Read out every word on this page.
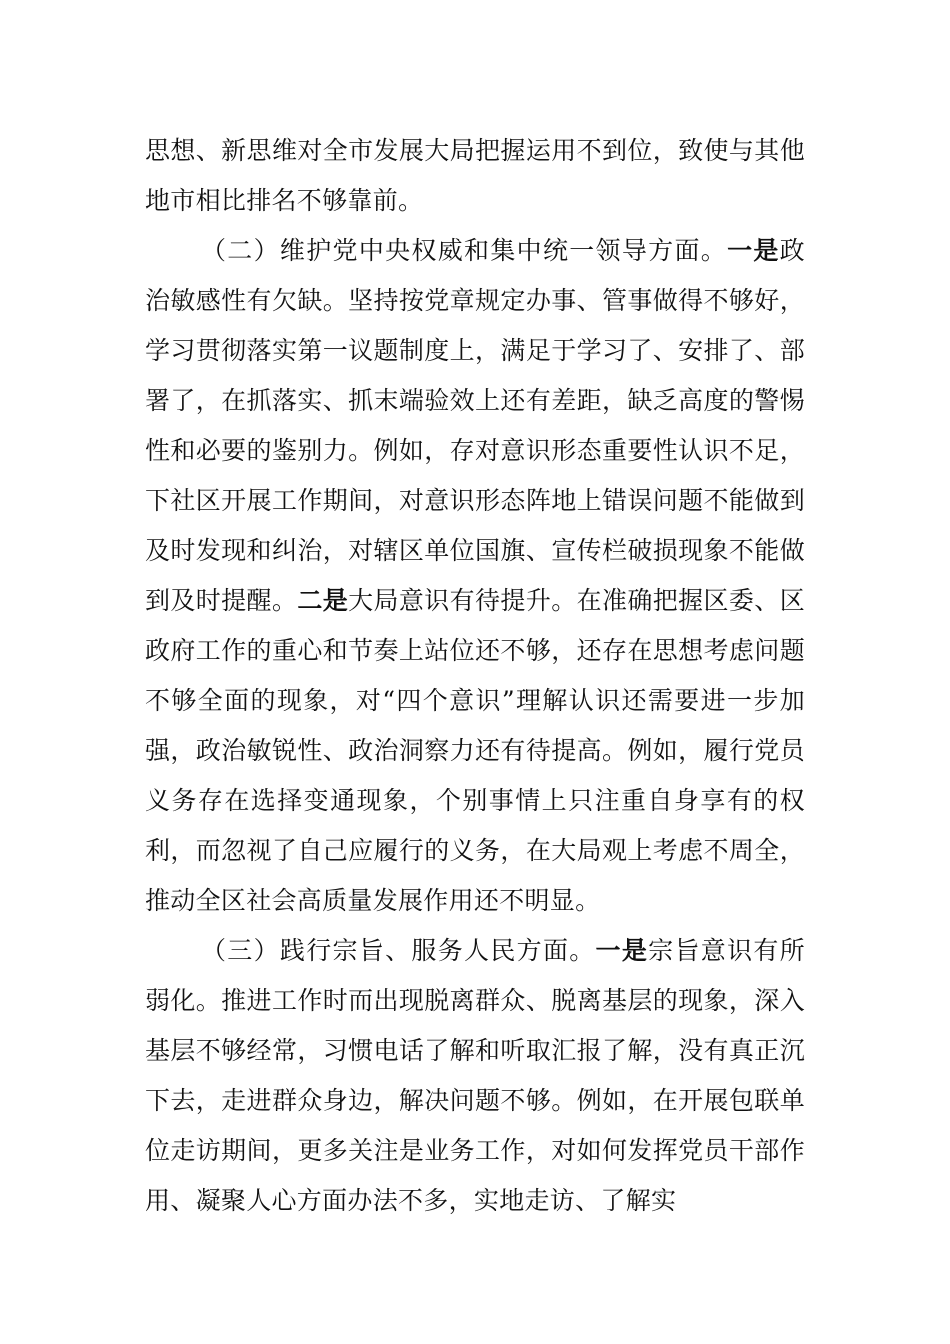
思想、新思维对全市发展大局把握运用不到位，致使与其他地市相比排名不够靠前。

（二）维护党中央权威和集中统一领导方面。一是政治敏感性有欠缺。坚持按党章规定办事、管事做得不够好，学习贯彻落实第一议题制度上，满足于学习了、安排了、部署了，在抓落实、抓末端验效上还有差距，缺乏高度的警惕性和必要的鉴别力。例如，存对意识形态重要性认识不足，下社区开展工作期间，对意识形态阵地上错误问题不能做到及时发现和纠治，对辖区单位国旗、宣传栏破损现象不能做到及时提醒。二是大局意识有待提升。在准确把握区委、区政府工作的重心和节奏上站位还不够，还存在思想考虑问题不够全面的现象，对“四个意识”理解认识还需要进一步加强，政治敏锐性、政治洞察力还有待提高。例如，履行党员义务存在选择变通现象，个别事情上只注重自身享有的权利，而忽视了自己应履行的义务，在大局观上考虑不周全，推动全区社会高质量发展作用还不明显。

（三）践行宗旨、服务人民方面。一是宗旨意识有所弱化。推进工作时而出现脱离群众、脱离基层的现象，深入基层不够经常，习惯电话了解和听取汇报了解，没有真正沉下去，走进群众身边，解决问题不够。例如，在开展包联单位走访期间，更多关注是业务工作，对如何发挥党员干部作用、凝聚人心方面办法不多，实地走访、了解实
